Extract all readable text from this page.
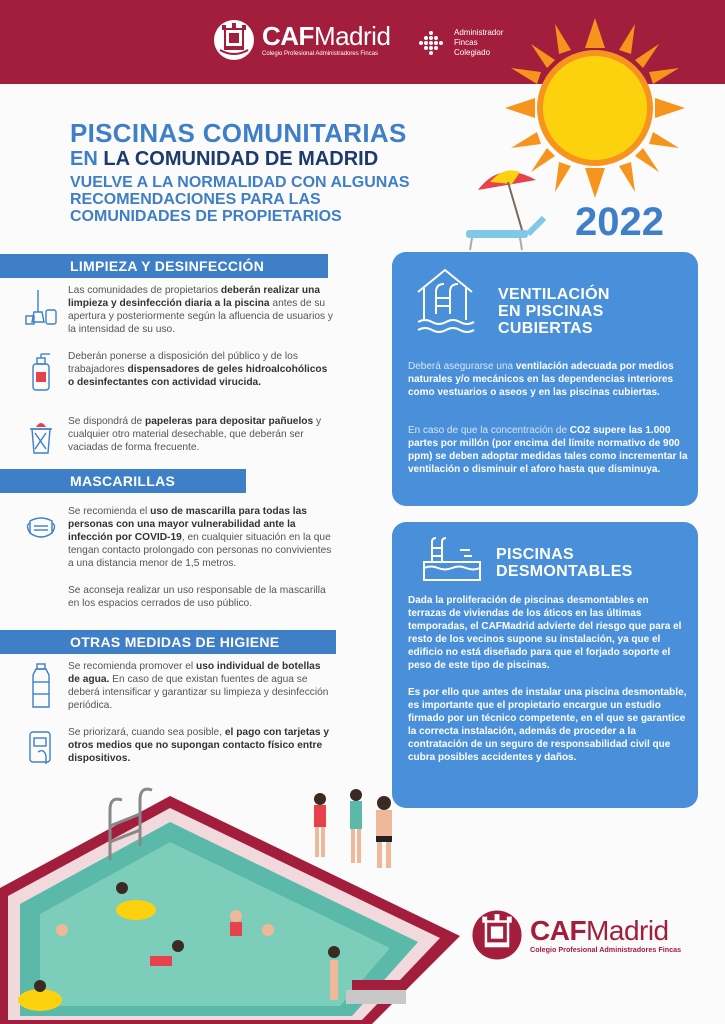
CAFMadrid
Colegio Profesional Administradores Fincas
Administrador
Fincas
Colegiado
PISCINAS COMUNITARIAS
EN LA COMUNIDAD DE MADRID
VUELVE A LA NORMALIDAD CON ALGUNAS
RECOMENDACIONES PARA LAS
COMUNIDADES DE PROPIETARIOS	2022
LIMPIEZA Y DESINFECCIÓN
Las comunidades de propietarios deberán realizar una limpieza y desinfección diaria a la piscina antes de su apertura y posteriormente según la afluencia de usuarios y la intensidad de su uso.
Deberán ponerse a disposición del público y de los trabajadores dispensadores de geles hidroalcohólicos o desinfectantes con actividad virucida.
Se dispondrá de papeleras para depositar pañuelos y cualquier otro material desechable, que deberán ser vaciadas de forma frecuente.
MASCARILLAS
Se recomienda el uso de mascarilla para todas las personas con una mayor vulnerabilidad ante la infección por COVID-19, en cualquier situación en la que tengan contacto prolongado con personas no convivientes a una distancia menor de 1,5 metros.
Se aconseja realizar un uso responsable de la mascarilla en los espacios cerrados de uso público.
OTRAS MEDIDAS DE HIGIENE
Se recomienda promover el uso individual de botellas de agua. En caso de que existan fuentes de agua se deberá intensificar y garantizar su limpieza y desinfección periódica.
Se priorizará, cuando sea posible, el pago con tarjetas y otros medios que no supongan contacto físico entre dispositivos.
VENTILACIÓN
EN PISCINAS
CUBIERTAS

Deberá asegurarse una ventilación adecuada por medios naturales y/o mecánicos en las dependencias interiores como vestuarios o aseos y en las piscinas cubiertas.

En caso de que la concentración de CO2 supere las 1.000 partes por millón (por encima del límite normativo de 900 ppm) se deben adoptar medidas tales como incrementar la ventilación o disminuir el aforo hasta que disminuya.

PISCINAS
DESMONTABLES

Dada la proliferación de piscinas desmontables en terrazas de viviendas de los áticos en las últimas temporadas, el CAFMadrid advierte del riesgo que para el resto de los vecinos supone su instalación, ya que el edificio no está diseñado para que el forjado soporte el peso de este tipo de piscinas.

Es por ello que antes de instalar una piscina desmontable, es importante que el propietario encargue un estudio firmado por un técnico competente, en el que se garantice la correcta instalación, además de proceder a la contratación de un seguro de responsabilidad civil que cubra posibles accidentes y daños.

CAFMadrid
Colegio Profesional Administradores Fincas
